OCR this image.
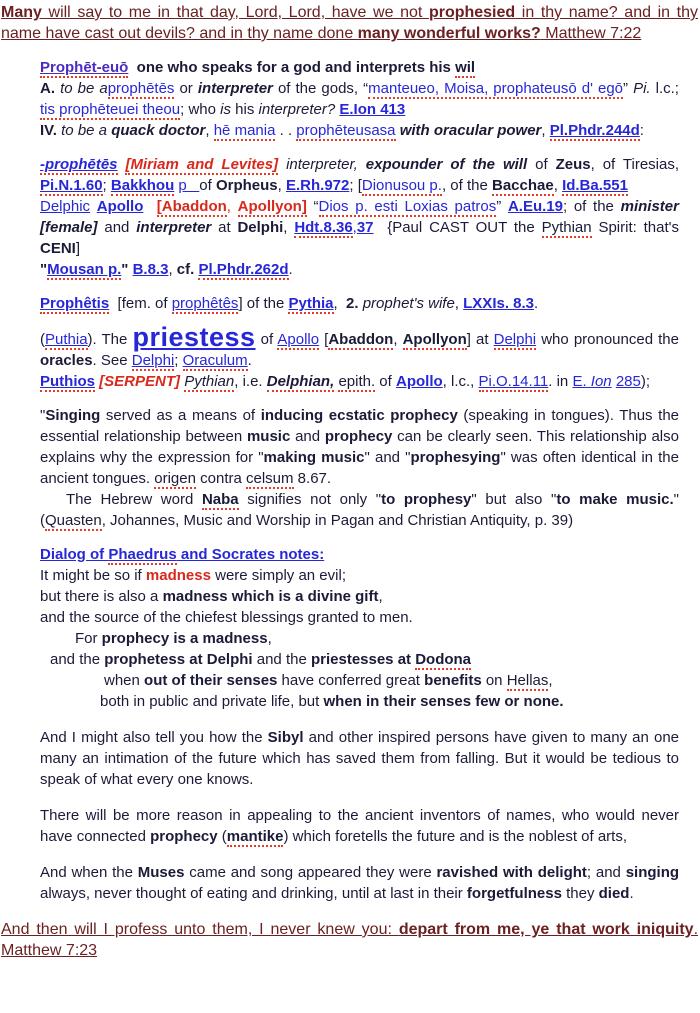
Many will say to me in that day, Lord, Lord, have we not prophesied in thy name? and in thy name have cast out devils? and in thy name done many wonderful works? Matthew 7:22
Prophēt-euō  one who speaks for a god and interprets his wil
A. to be aprophētēs or interpreter of the gods, “manteueo, Moisa, prophateusō d' egō” Pi. l.c.; tis prophēteuei theou; who is his interpreter? E.Ion 413
IV. to be a quack doctor, hē mania . . prophēteusasa with oracular power, Pl.Phdr.244d:
-prophētēs [Miriam and Levites] interpreter, expounder of the will of Zeus, of Tiresias, Pi.N.1.60; Bakkhou p   of Orpheus, E.Rh.972; [Dionusou p., of the Bacchae, Id.Ba.551
Delphic Apollo [Abaddon, Apollyon] “Dios p. esti Loxias patros” A.Eu.19; of the minister [female] and interpreter at Delphi, Hdt.8.36,37  {Paul CAST OUT the Pythian Spirit: that's CENI]
"Mousan p." B.8.3, cf. Pl.Phdr.262d.
Prophêtis  [fem. of prophêtês] of the Pythia,  2. prophet's wife, LXXIs. 8.3.
(Puthia). The priestess of Apollo [Abaddon, Apollyon] at Delphi who pronounced the oracles. See Delphi; Oraculum.
Puthios [SERPENT] Pythian, i.e. Delphian, epith. of Apollo, l.c., Pi.O.14.11. in E. Ion 285);
"Singing served as a means of inducing ecstatic prophecy (speaking in tongues). Thus the essential relationship between music and prophecy can be clearly seen. This relationship also explains why the expression for "making music" and "prophesying" was often identical in the ancient tongues. origen contra celsum 8.67.
The Hebrew word Naba signifies not only "to prophesy" but also "to make music." (Quasten, Johannes, Music and Worship in Pagan and Christian Antiquity, p. 39)
Dialog of Phaedrus and Socrates notes:
It might be so if madness were simply an evil;
but there is also a madness which is a divine gift,
and the source of the chiefest blessings granted to men.
For prophecy is a madness,
and the prophetess at Delphi and the priestesses at Dodona
when out of their senses have conferred great benefits on Hellas,
both in public and private life, but when in their senses few or none.
And I might also tell you how the Sibyl and other inspired persons have given to many an one many an intimation of the future which has saved them from falling. But it would be tedious to speak of what every one knows.
There will be more reason in appealing to the ancient inventors of names, who would never have connected prophecy (mantike) which foretells the future and is the noblest of arts,
And when the Muses came and song appeared they were ravished with delight; and singing always, never thought of eating and drinking, until at last in their forgetfulness they died.
And then will I profess unto them, I never knew you: depart from me, ye that work iniquity. Matthew 7:23
